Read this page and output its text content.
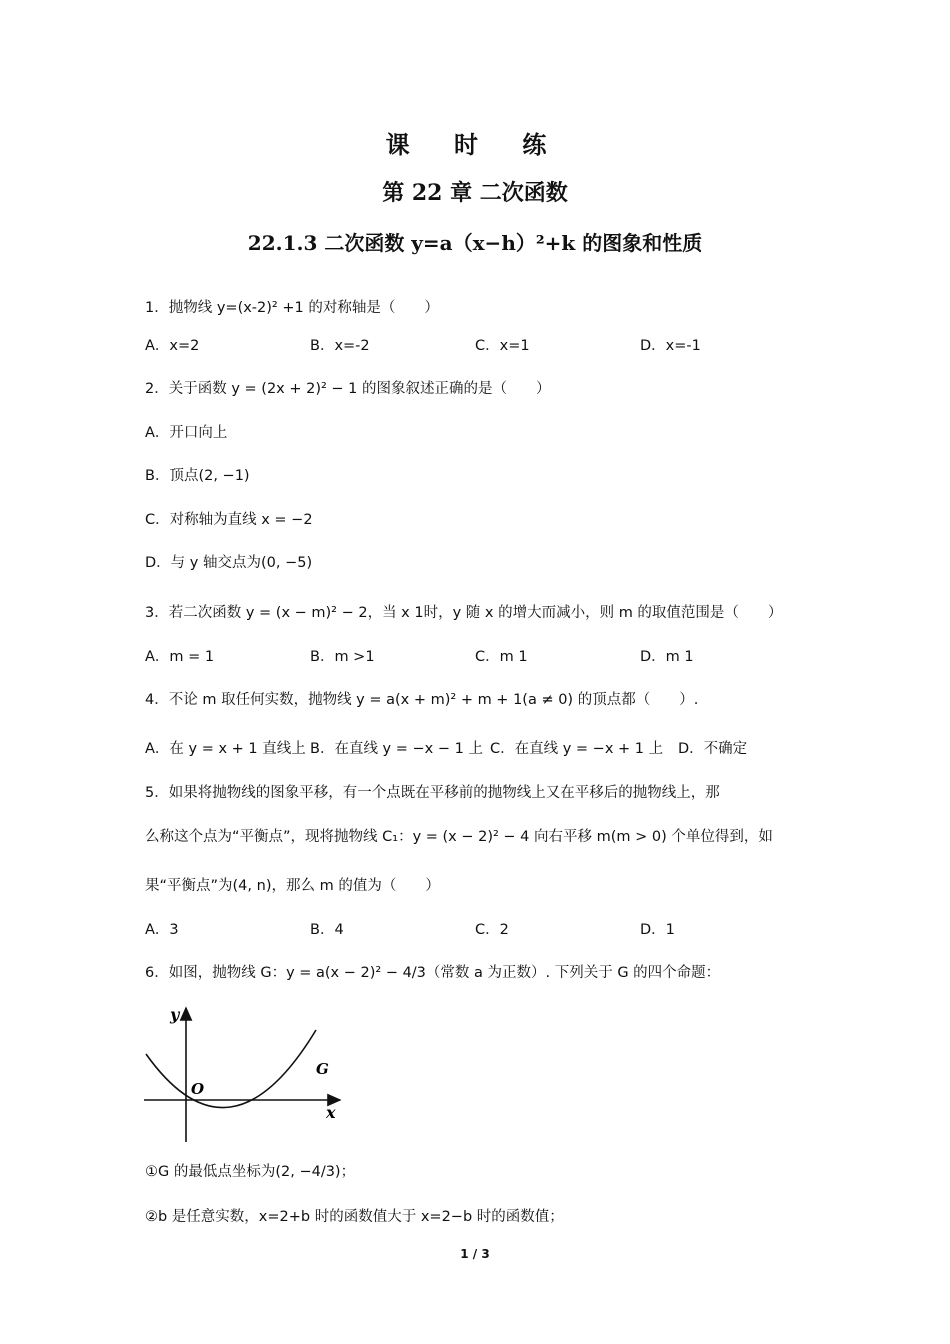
课 时 练
第 22 章 二次函数
22.1.3 二次函数 y=a（x−h）²+k 的图象和性质
1．抛物线 y=(x-2)² +1 的对称轴是（　　）
A．x=2	B．x=-2	C．x=1	D．x=-1
2．关于函数 y = (2x + 2)² − 1 的图象叙述正确的是（　　）
A．开口向上
B．顶点(2, −1)
C．对称轴为直线 x = −2
D．与 y 轴交点为(0, −5)
3．若二次函数 y = (x − m)² − 2，当 x 1时，y 随 x 的增大而减小，则 m 的取值范围是（　　）
A．m = 1	B．m >1	C．m 1	D．m 1
4．不论 m 取任何实数，抛物线 y = a(x + m)² + m + 1(a ≠ 0) 的顶点都（　　）.
A．在 y = x + 1 直线上 B．在直线 y = −x − 1 上 C．在直线 y = −x + 1 上 D．不确定
5．如果将抛物线的图象平移，有一个点既在平移前的抛物线上又在平移后的抛物线上，那
么称这个点为“平衡点”，现将抛物线 C₁：y = (x − 2)² − 4 向右平移 m(m > 0) 个单位得到，如
果“平衡点”为(4, n)，那么 m 的值为（　　）
A．3	B．4	C．2	D．1
6．如图，抛物线 G：y = a(x − 2)² − 4/3（常数 a 为正数）. 下列关于 G 的四个命题：
y
x
O
G
①G 的最低点坐标为(2, −4/3)；
②b 是任意实数，x=2+b 时的函数值大于 x=2−b 时的函数值；
1 / 3
